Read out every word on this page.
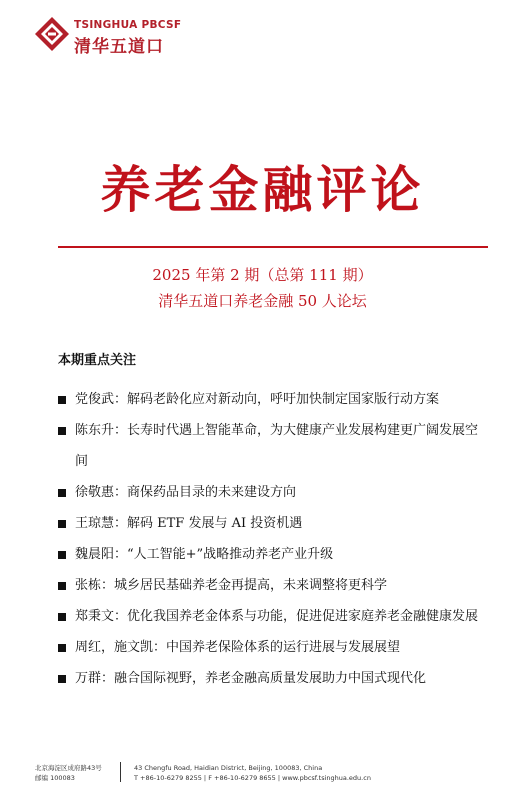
TSINGHUA PBCSF
清华五道口
养老金融评论
2025 年第 2 期（总第 111 期）
清华五道口养老金融 50 人论坛
本期重点关注
党俊武：解码老龄化应对新动向，呼吁加快制定国家版行动方案
陈东升：长寿时代遇上智能革命，为大健康产业发展构建更广阔发展空间
徐敬惠：商保药品目录的未来建设方向
王琼慧：解码 ETF 发展与 AI 投资机遇
魏晨阳：“人工智能+”战略推动养老产业升级
张栋：城乡居民基础养老金再提高，未来调整将更科学
郑秉文：优化我国养老金体系与功能，促进促进家庭养老金融健康发展
周红，施文凯：中国养老保险体系的运行进展与发展展望
万群：融合国际视野，养老金融高质量发展助力中国式现代化
北京海淀区成府路43号
邮编 100083
43 Chengfu Road, Haidian District, Beijing, 100083, China
T +86-10-6279 8255 | F +86-10-6279 8655 | www.pbcsf.tsinghua.edu.cn
